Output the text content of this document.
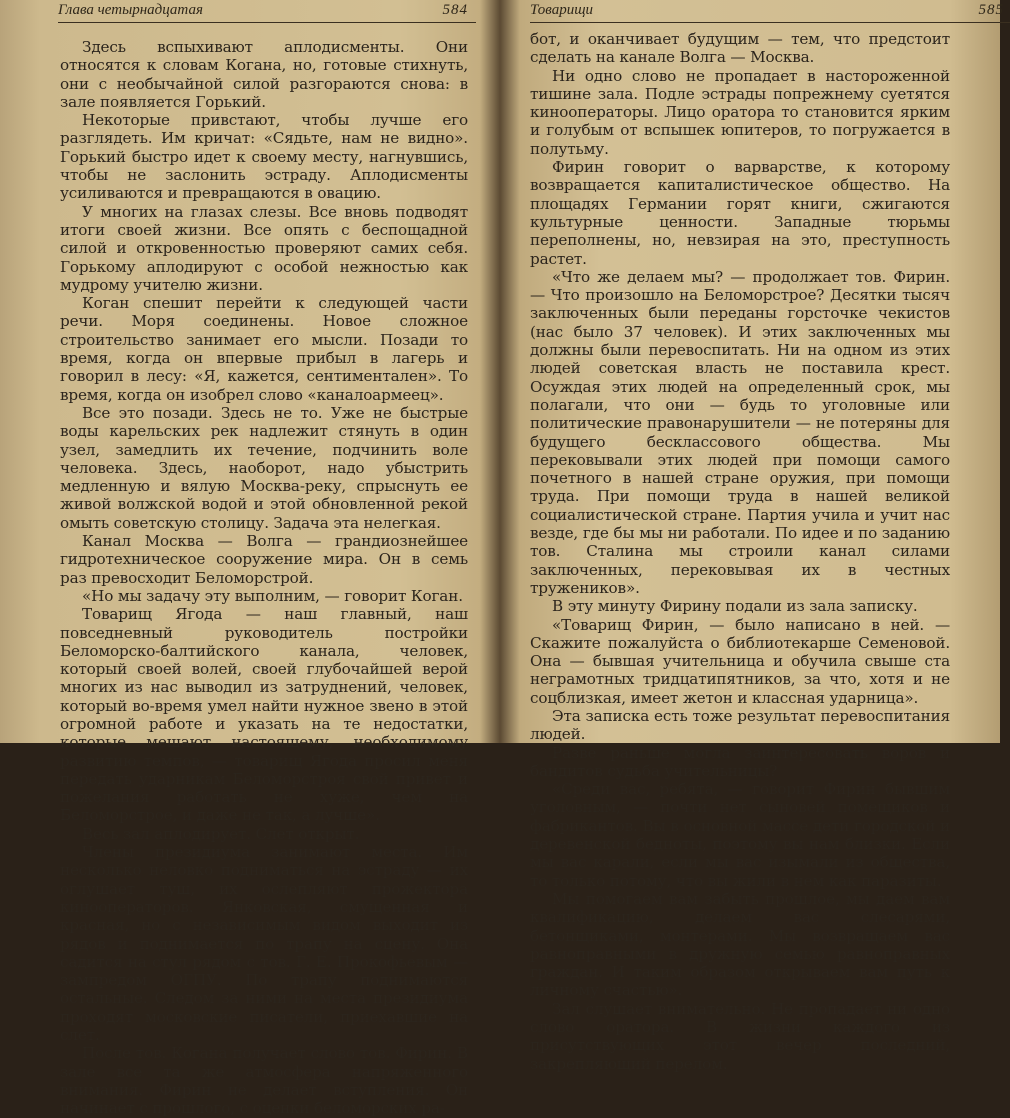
Глава четырнадцатая	584

Здесь вспыхивают аплодисменты. Они относятся к словам Когана, но, готовые стихнуть, они с необычайной силой разгораются снова: в зале появляется Горький.

Некоторые привстают, чтобы лучше его разглядеть. Им кричат: «Сядьте, нам не видно». Горький быстро идет к своему месту, нагнувшись, чтобы не заслонить эстраду. Аплодисменты усиливаются и превращаются в овацию.

У многих на глазах слезы. Все вновь подводят итоги своей жизни. Все опять с беспощадной силой и откровенностью проверяют самих себя. Горькому аплодируют с особой нежностью как мудрому учителю жизни.

Коган спешит перейти к следующей части речи. Моря соединены. Новое сложное строительство занимает его мысли. Позади то время, когда он впервые прибыл в лагерь и говорил в лесу: «Я, кажется, сентиментален». То время, когда он изобрел слово «каналоармеец».

Все это позади. Здесь не то. Уже не быстрые воды карельских рек надлежит стянуть в один узел, замедлить их течение, подчинить воле человека. Здесь, наоборот, надо убыстрить медленную и вялую Москва-реку, спрыснуть ее живой волжской водой и этой обновленной рекой омыть советскую столицу. Задача эта нелегкая.

Канал Москва — Волга — грандиознейшее гидротехническое сооружение мира. Он в семь раз превосходит Беломорстрой.

«Но мы задачу эту выполним, — говорит Коган.

Товарищ Ягода — наш главный, наш повседневный руководитель постройки Беломорско-балтийского канала, человек, который своей волей, своей глубочайшей верой многих из нас выводил из затруднений, человек, который во-время умел найти нужное звено в этой огромной работе и указать на те недостатки, которые мешают настоящему, необходимому развитию темпов, — товарищ Ягода просил меня передать ударникам Беломорстроя свой привет и пожелания работать не хуже, чем на Беломорстрое, и даже не так, а лучше».

Весь зал аплодирует. Слет открыт.

Члены президиума занимают места. Им несколько неловко подниматься на эстраду — их оглушает туш, их ослепляют прожектора кинооператоров. Янковская, смущенная и красная, но с независимым видом выходит из рядов и поднимается по трапу на сцену. Она садится на стул рядом с тов. Г. Е. Прокофьевым — зампредом ОГПУ. По трапу поднимаются остальные. Следом за ними на места президиума проходят московские писатели, приехавшие на слет.

После тов. Когана получает слово тов. Фирин. В зале все та же атмосфера напряженного внимания. Фирин не делает вступления. Он начинает с прошлого, с оценки беломорских ра-

Товарищи	585

бот, и оканчивает будущим — тем, что предстоит сделать на канале Волга — Москва.

Ни одно слово не пропадает в настороженной тишине зала. Подле эстрады попрежнему суетятся кинооператоры. Лицо оратора то становится ярким и голубым от вспышек юпитеров, то погружается в полутьму.

Фирин говорит о варварстве, к которому возвращается капиталистическое общество. На площадях Германии горят книги, сжигаются культурные ценности. Западные тюрьмы переполнены, но, невзирая на это, преступность растет.

«Что же делаем мы? — продолжает тов. Фирин. — Что произошло на Беломорстрое? Десятки тысяч заключенных были переданы горсточке чекистов (нас было 37 человек). И этих заключенных мы должны были перевоспитать. Ни на одном из этих людей советская власть не поставила крест. Осуждая этих людей на определенный срок, мы полагали, что они — будь то уголовные или политические правонарушители — не потеряны для будущего бесклассового общества. Мы перековывали этих людей при помощи самого почетного в нашей стране оружия, при помощи труда. При помощи труда в нашей великой социалистической стране. Партия учила и учит нас везде, где бы мы ни работали. По идее и по заданию тов. Сталина мы строили канал силами заключенных, перековывая их в честных тружеников».

В эту минуту Фирину подали из зала записку.

«Товарищ Фирин, — было написано в ней. — Скажите пожалуйста о библиотекарше Семеновой. Она — бывшая учительница и обучила свыше ста неграмотных тридцатипятников, за что, хотя и не соцблизкая, имеет жетон и классная ударница».

Эта записка есть тоже результат перевоспитания людей.

Разве раньше могла заинтересовать воров и бандитов судьба учительницы?

«Среди вас, ребята, — говорит Фирин бывшим уголовным, — почти нет сыновей помещиков и фабрикантов. Вы в основной массе дети городской и деревенской бедноты, поэтому вы нам близки. Если мы вас карали, если мы вас изымали из общества, то только потому, что вы жили в нем как паразиты.

Мы помогаем вам забыть прошлое, мы даем вам квалификацию, делаем вас слесарями, бетонщиками, монтерами. Мы возвращаем вас равноправными в дружную семью равноправных граждан. И таким образом открываем вам путь к личному счастью».

Зал слушает внимательно. Не пропадает ни одно слово оратора. В жизни каждого из присутствующих этот вечер последний, закрепляющий перелом.
